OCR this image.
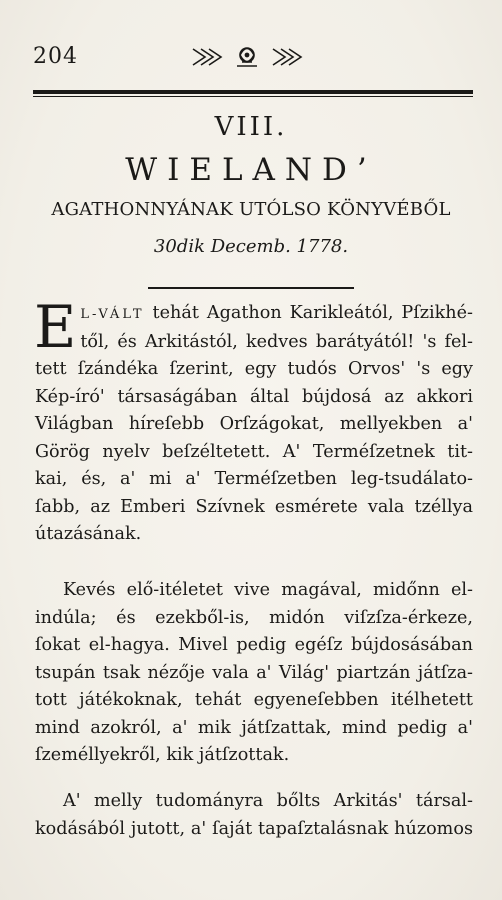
204
VIII.
WIELAND’
AGATHONNYÁNAK UTÓLSO KÖNYVÉBŐL
30dik Decemb. 1778.
E L-VÁLT tehát Agathon Karikleától, Pſzikhé-
től, és Arkitástól, kedves barátyától! 's fel-
tett ſzándéka ſzerint, egy tudós Orvos' 's egy
Kép-író' társaságában által bújdosá az akkori
Világban híreſebb Orſzágokat, mellyekben a'
Görög nyelv beſzéltetett. A' Terméſzetnek tit-
kai, és, a' mi a' Terméſzetben leg-tsudálato-
ſabb, az Emberi Szívnek esmérete vala tzéllya
útazásának.
Kevés elő-itéletet vive magával, midőnn el-
indúla; és ezekből-is, midón viſzſza-érkeze,
ſokat el-hagya. Mivel pedig egéſz bújdosásában
tsupán tsak nézője vala a' Világ' piartzán játſza-
tott játékoknak, tehát egyeneſebben itélhetett
mind azokról, a' mik játſzattak, mind pedig a'
ſzeméllyekről, kik játſzottak.
A' melly tudományra bőlts Arkitás' társal-
kodásából jutott, a' ſaját tapaſztalásnak húzomos
